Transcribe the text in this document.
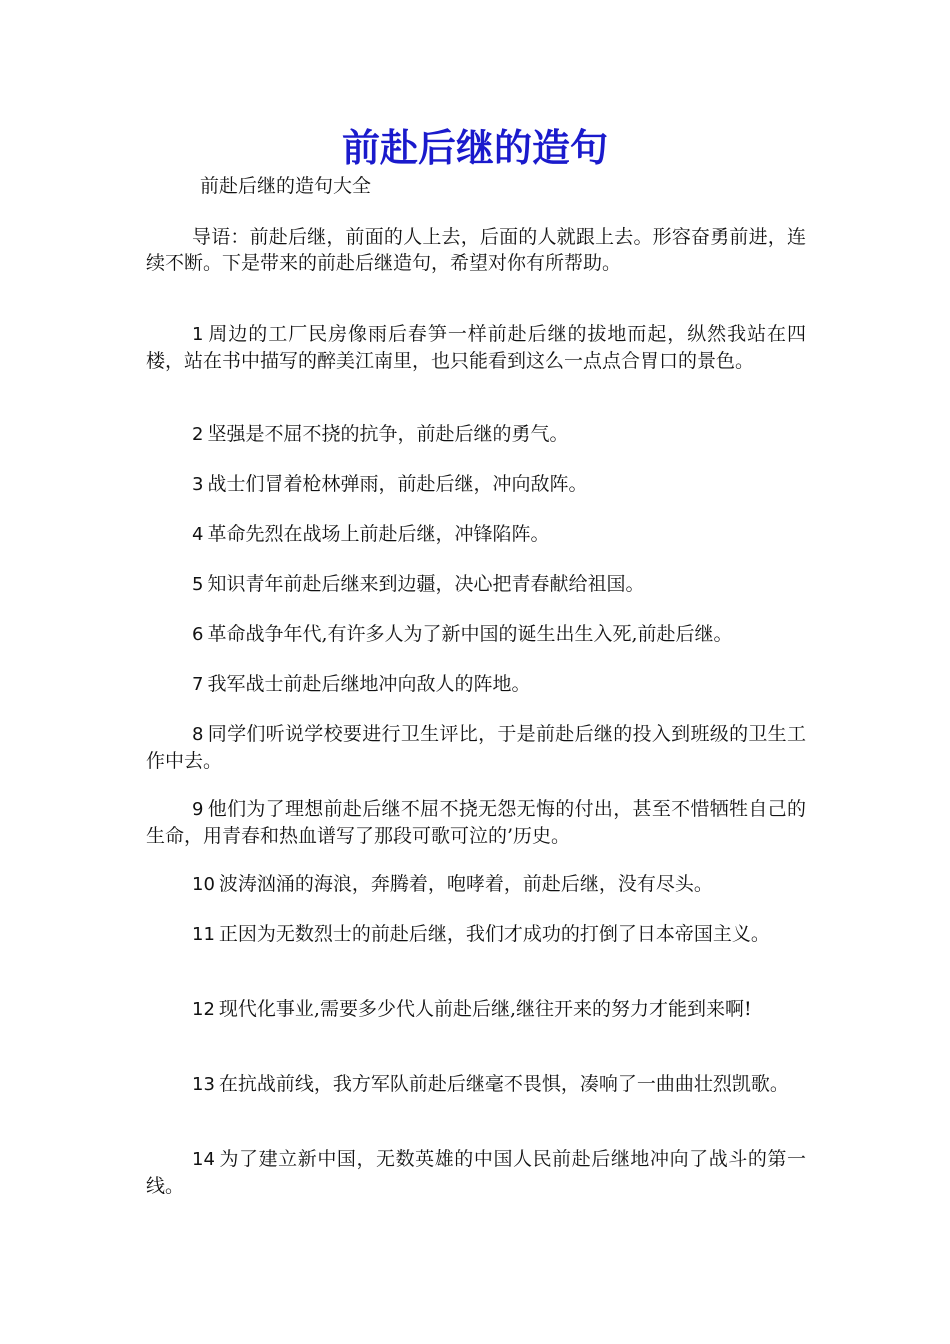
前赴后继的造句

前赴后继的造句大全

导语：前赴后继，前面的人上去，后面的人就跟上去。形容奋勇前进，连续不断。下是带来的前赴后继造句，希望对你有所帮助。

1 周边的工厂民房像雨后春笋一样前赴后继的拔地而起，纵然我站在四楼，站在书中描写的醉美江南里，也只能看到这么一点点合胃口的景色。

2 坚强是不屈不挠的抗争，前赴后继的勇气。

3 战士们冒着枪林弹雨，前赴后继，冲向敌阵。

4 革命先烈在战场上前赴后继，冲锋陷阵。

5 知识青年前赴后继来到边疆，决心把青春献给祖国。

6 革命战争年代,有许多人为了新中国的诞生出生入死,前赴后继。

7 我军战士前赴后继地冲向敌人的阵地。

8 同学们听说学校要进行卫生评比，于是前赴后继的投入到班级的卫生工作中去。

9 他们为了理想前赴后继不屈不挠无怨无悔的付出，甚至不惜牺牲自己的生命，用青春和热血谱写了那段可歌可泣的’历史。

10 波涛汹涌的海浪，奔腾着，咆哮着，前赴后继，没有尽头。

11 正因为无数烈士的前赴后继，我们才成功的打倒了日本帝国主义。

12 现代化事业,需要多少代人前赴后继,继往开来的努力才能到来啊!

13 在抗战前线，我方军队前赴后继毫不畏惧，凑响了一曲曲壮烈凯歌。

14 为了建立新中国，无数英雄的中国人民前赴后继地冲向了战斗的第一线。
